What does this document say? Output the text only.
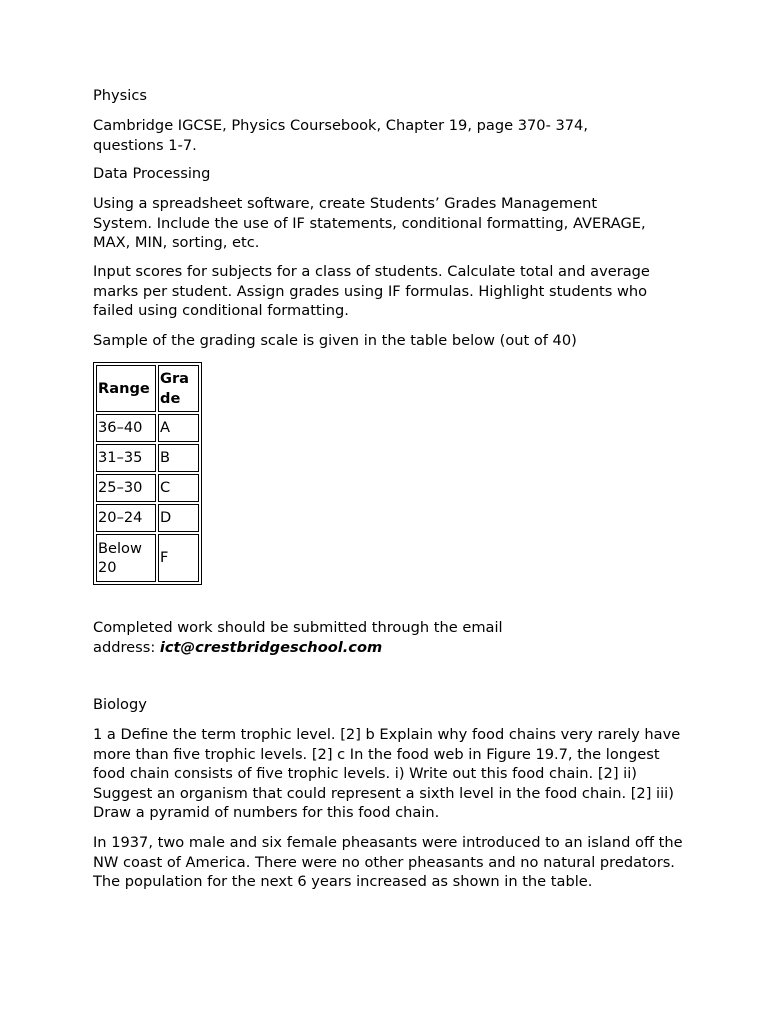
Physics

Cambridge IGCSE, Physics Coursebook, Chapter 19, page 370- 374, questions 1-7.

Data Processing

Using a spreadsheet software, create Students’ Grades Management System. Include the use of IF statements, conditional formatting, AVERAGE, MAX, MIN, sorting, etc.

Input scores for subjects for a class of students. Calculate total and average marks per student. Assign grades using IF formulas. Highlight students who failed using conditional formatting.

Sample of the grading scale is given in the table below (out of 40)

Range	Gra de
36–40	A
31–35	B
25–30	C
20–24	D
Below 20	F

Completed work should be submitted through the email address: ict@crestbridgeschool.com

Biology

1 a Define the term trophic level. [2] b Explain why food chains very rarely have more than five trophic levels. [2] c In the food web in Figure 19.7, the longest food chain consists of five trophic levels. i) Write out this food chain. [2] ii) Suggest an organism that could represent a sixth level in the food chain. [2] iii) Draw a pyramid of numbers for this food chain.

In 1937, two male and six female pheasants were introduced to an island off the NW coast of America. There were no other pheasants and no natural predators. The population for the next 6 years increased as shown in the table.
